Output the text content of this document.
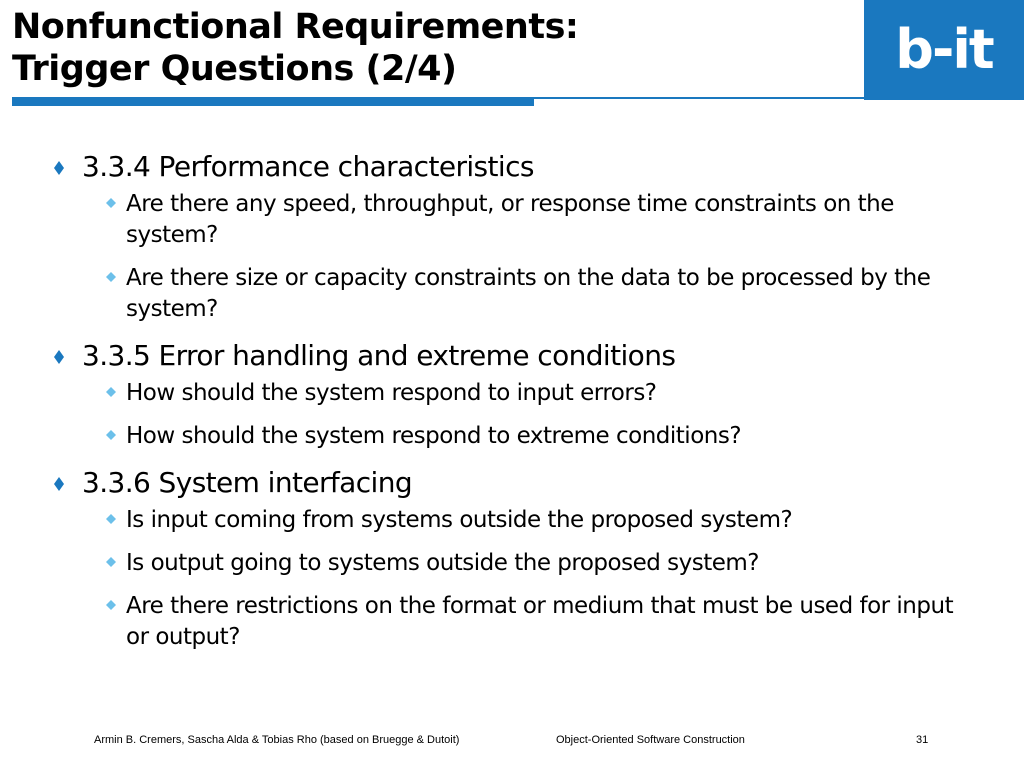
Nonfunctional Requirements:
Trigger Questions (2/4)	b-it
3.3.4 Performance characteristics
Are there any speed, throughput, or response time constraints on the system?
Are there size or capacity constraints on the data to be processed by the system?
3.3.5 Error handling and extreme conditions
How should the system respond to input errors?
How should the system respond to extreme conditions?
3.3.6 System interfacing
Is input coming from systems outside the proposed system?
Is output going to systems outside the proposed system?
Are there restrictions on the format or medium that must be used for input or output?
Armin B. Cremers, Sascha Alda & Tobias Rho (based on Bruegge & Dutoit)	Object-Oriented Software Construction	31
